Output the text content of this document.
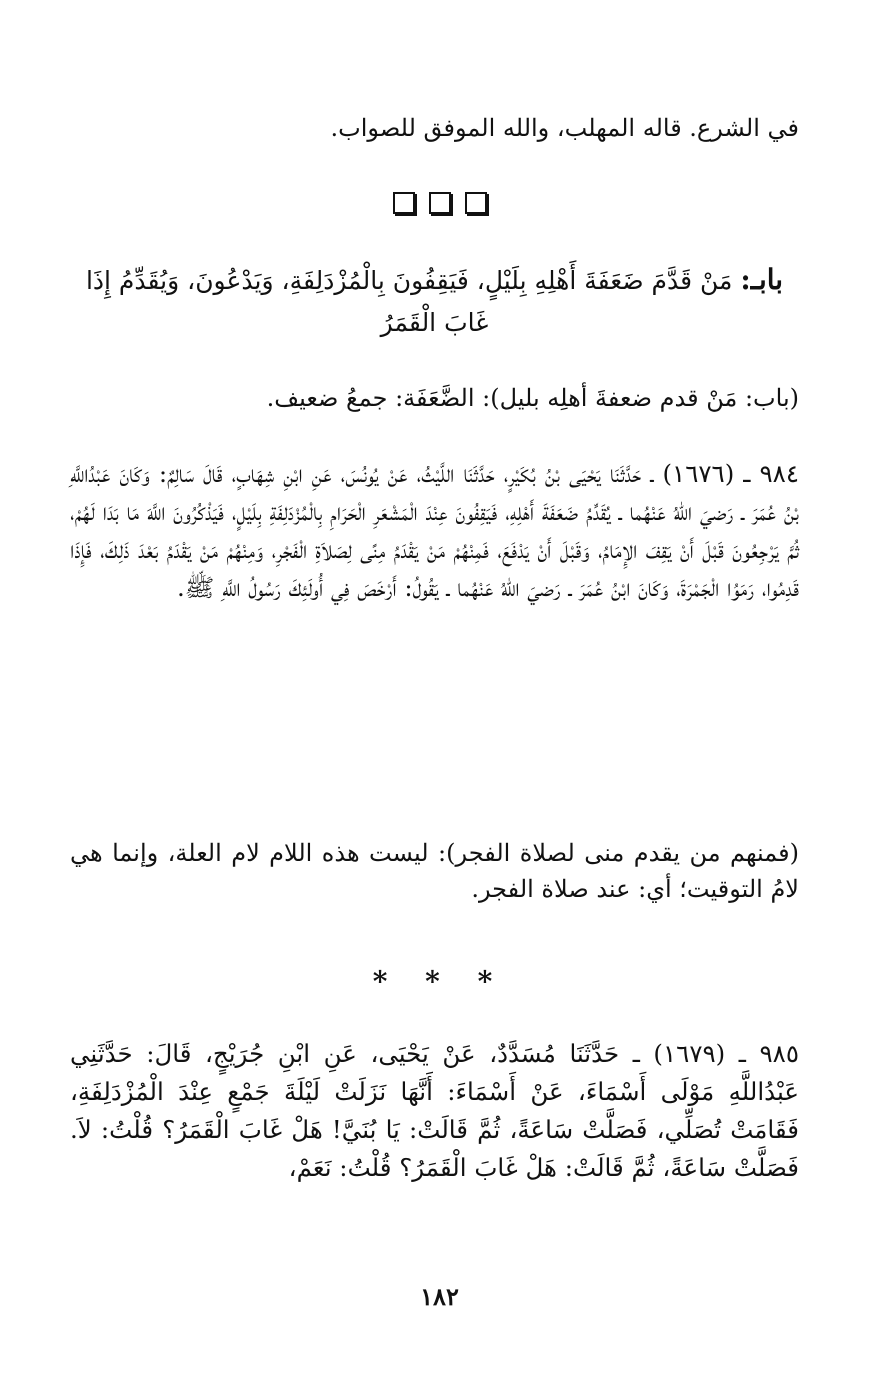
في الشرع. قاله المهلب، والله الموفق للصواب.

بابـ: مَنْ قَدَّمَ ضَعَفَةَ أَهْلِهِ بِلَيْلٍ، فَيَقِفُونَ بِالْمُزْدَلِفَةِ، وَيَدْعُونَ، وَيُقَدِّمُ إِذَا غَابَ الْقَمَرُ

(باب: مَنْ قدم ضعفةَ أهلِه بليل): الضَّعَفَة: جمعُ ضعيف.

٩٨٤ ـ (١٦٧٦) ـ حَدَّثَنَا يَحْيَى بْنُ بُكَيْرٍ، حَدَّثَنَا اللَّيْثُ، عَنْ يُونُسَ، عَنِ ابْنِ شِهَابٍ، قَالَ سَالِمٌ: وَكَانَ عَبْدُاللَّهِ بْنُ عُمَرَ ـ رَضيَ اللهُ عَنْهُما ـ يُقَدِّمُ ضَعَفَةَ أَهْلِهِ، فَيَقِفُونَ عِنْدَ الْمَشْعَرِ الْحَرَامِ بِالْمُزْدَلِفَةِ بِلَيْلٍ، فَيَذْكُرُونَ اللَّهَ مَا بَدَا لَهُمْ، ثُمَّ يَرْجِعُونَ قَبْلَ أَنْ يَقِفَ الإِمَامُ، وَقَبْلَ أَنْ يَدْفَعَ، فَمِنْهُمْ مَنْ يَقْدَمُ مِنًى لِصَلاَةِ الْفَجْرِ، وَمِنْهُمْ مَنْ يَقْدَمُ بَعْدَ ذَلِكَ، فَإِذَا قَدِمُوا، رَمَوُا الْجَمْرَةَ، وَكَانَ ابْنُ عُمَرَ ـ رَضيَ اللهُ عَنْهُما ـ يَقُولُ: أَرْخَصَ فِي أُولَئِكَ رَسُولُ اللَّهِ ﷺ.

(فمنهم من يقدم منى لصلاة الفجر): ليست هذه اللام لام العلة، وإنما هي لامُ التوقيت؛ أي: عند صلاة الفجر.

* * *

٩٨٥ ـ (١٦٧٩) ـ حَدَّثَنَا مُسَدَّدٌ، عَنْ يَحْيَى، عَنِ ابْنِ جُرَيْجٍ، قَالَ: حَدَّثَنِي عَبْدُاللَّهِ مَوْلَى أَسْمَاءَ، عَنْ أَسْمَاءَ: أَنَّهَا نَزَلَتْ لَيْلَةَ جَمْعٍ عِنْدَ الْمُزْدَلِفَةِ، فَقَامَتْ تُصَلِّي، فَصَلَّتْ سَاعَةً، ثُمَّ قَالَتْ: يَا بُنَيَّ! هَلْ غَابَ الْقَمَرُ؟ قُلْتُ: لاَ. فَصَلَّتْ سَاعَةً، ثُمَّ قَالَتْ: هَلْ غَابَ الْقَمَرُ؟ قُلْتُ: نَعَمْ،

١٨٢
